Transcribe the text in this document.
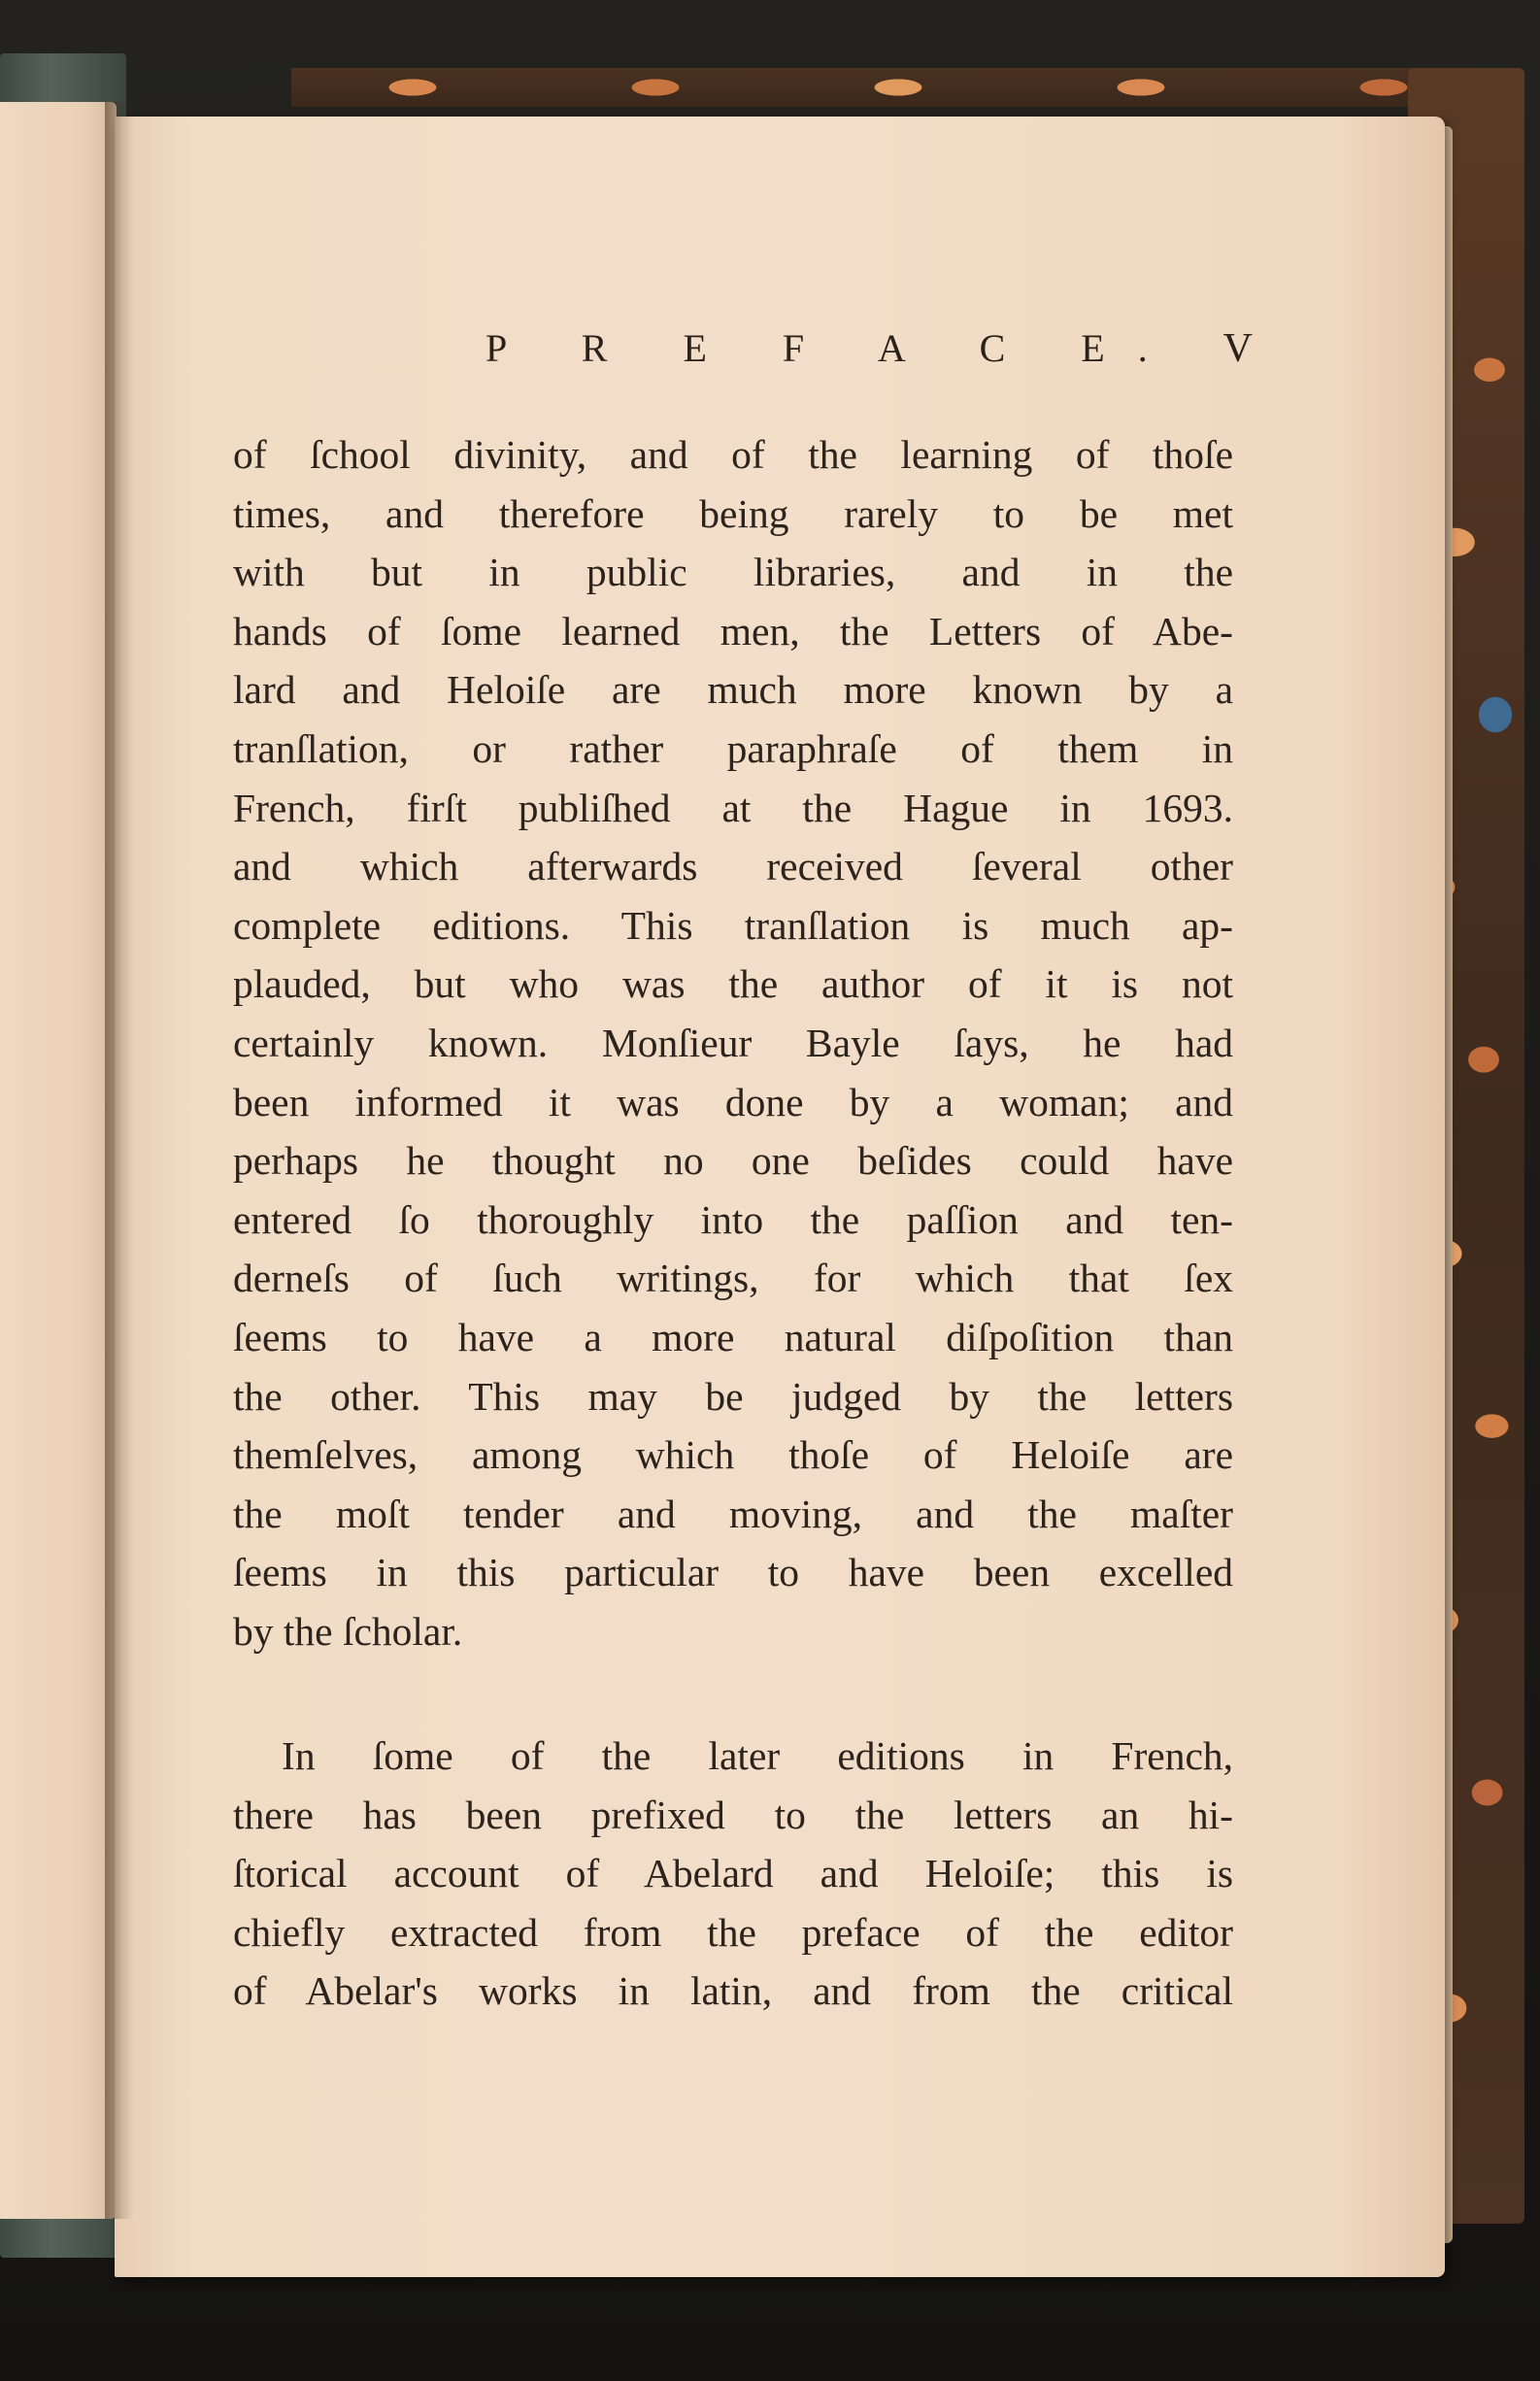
P R E F A C E. V
of ſchool divinity, and of the learning of thoſe
times, and therefore being rarely to be met
with but in public libraries, and in the
hands of ſome learned men, the Letters of Abe-
lard and Heloiſe are much more known by a
tranſlation, or rather paraphraſe of them in
French, firſt publiſhed at the Hague in 1693.
and which afterwards received ſeveral other
complete editions. This tranſlation is much ap-
plauded, but who was the author of it is not
certainly known. Monſieur Bayle ſays, he had
been informed it was done by a woman; and
perhaps he thought no one beſides could have
entered ſo thoroughly into the paſſion and ten-
derneſs of ſuch writings, for which that ſex
ſeems to have a more natural diſpoſition than
the other. This may be judged by the letters
themſelves, among which thoſe of Heloiſe are
the moſt tender and moving, and the maſter
ſeems in this particular to have been excelled
by the ſcholar.
In ſome of the later editions in French,
there has been prefixed to the letters an hi-
ſtorical account of Abelard and Heloiſe; this is
chiefly extracted from the preface of the editor
of Abelar's works in latin, and from the critical
